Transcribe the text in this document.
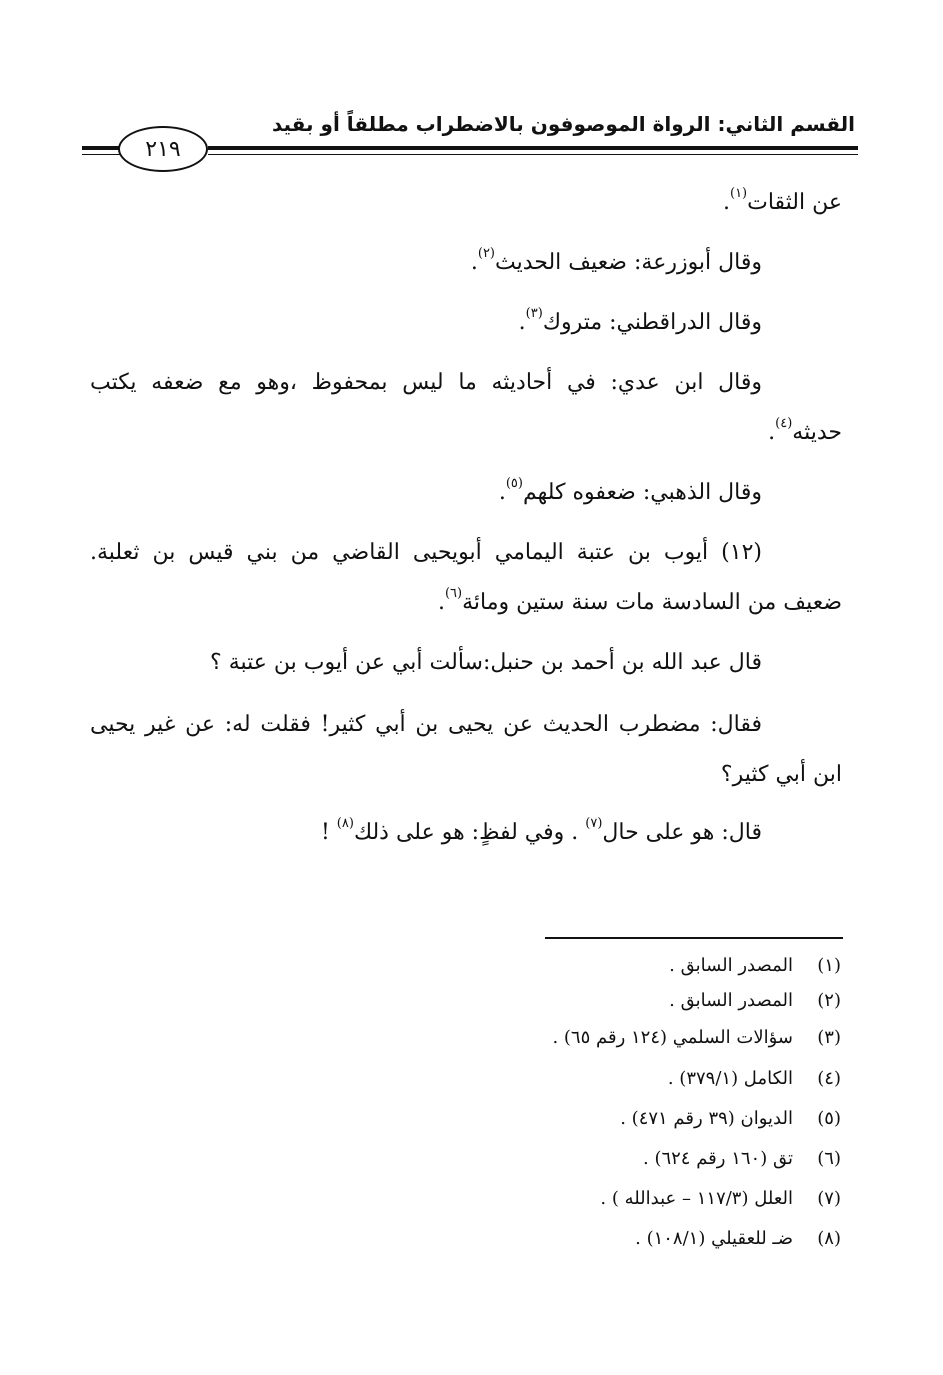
القسم الثاني: الرواة الموصوفون بالاضطراب مطلقاً أو بقيد
٢١٩
عن الثقات$^{(١)}$.
وقال أبوزرعة: ضعيف الحديث$^{(٢)}$.
وقال الدراقطني: متروك$^{(٣)}$.
وقال ابن عدي: في أحاديثه ما ليس بمحفوظ ،وهو مع ضعفه يكتب
حديثه$^{(٤)}$.
وقال الذهبي: ضعفوه كلهم$^{(٥)}$.
(١٢) أيوب بن عتبة اليمامي أبويحيى القاضي من بني قيس بن ثعلبة.
ضعيف من السادسة مات سنة ستين ومائة$^{(٦)}$.
قال عبد الله بن أحمد بن حنبل:سألت أبي عن أيوب بن عتبة ؟
فقال: مضطرب الحديث عن يحيى بن أبي كثير! فقلت له: عن غير يحيى
ابن أبي كثير؟
قال: هو على حال$^{(٧)}$ . وفي لفظٍ: هو على ذلك$^{(٨)}$ !
(١)المصدر السابق .
(٢)المصدر السابق .
(٣)سؤالات السلمي (١٢٤ رقم ٦٥) .
(٤)الكامل (٣٧٩/١) .
(٥)الديوان (٣٩ رقم ٤٧١) .
(٦)تق (١٦٠ رقم ٦٢٤) .
(٧)العلل (١١٧/٣ – عبدالله ) .
(٨)ضـ للعقيلي (١٠٨/١) .
